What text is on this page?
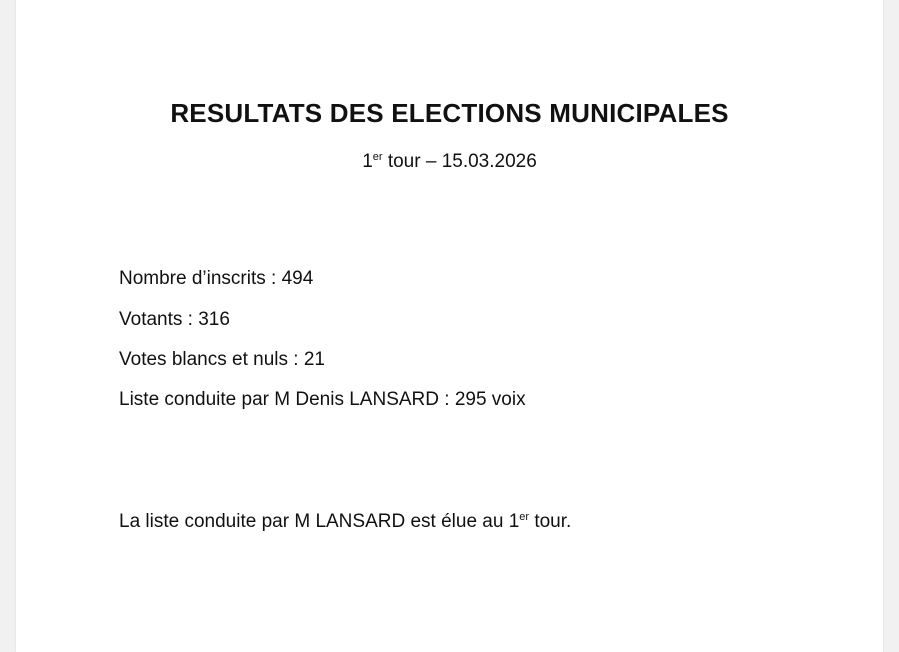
RESULTATS DES ELECTIONS MUNICIPALES
1er tour – 15.03.2026
Nombre d’inscrits : 494
Votants : 316
Votes blancs et nuls : 21
Liste conduite par M Denis LANSARD : 295 voix
La liste conduite par M LANSARD est élue au 1er tour.
